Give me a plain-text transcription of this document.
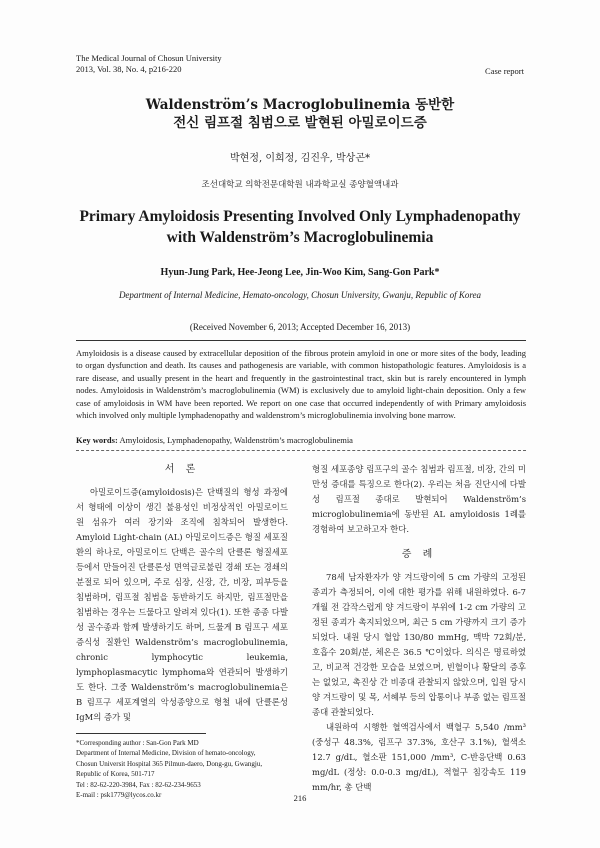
The Medical Journal of Chosun University
2013, Vol. 38, No. 4, p216-220	Case report
Waldenström’s Macroglobulinemia 동반한
전신 림프절 침범으로 발현된 아밀로이드증
박현정, 이희정, 김진우, 박상곤*
조선대학교 의학전문대학원 내과학교실 종양혈액내과
Primary Amyloidosis Presenting Involved Only Lymphadenopathy
with Waldenström’s Macroglobulinemia
Hyun-Jung Park, Hee-Jeong Lee, Jin-Woo Kim, Sang-Gon Park*
Department of Internal Medicine, Hemato-oncology, Chosun University, Gwanju, Republic of Korea
(Received November 6, 2013; Accepted December 16, 2013)
Amyloidosis is a disease caused by extracellular deposition of the fibrous protein amyloid in one or more sites of the body, leading to organ dysfunction and death. Its causes and pathogenesis are variable, with common histopathologic features. Amyloidosis is a rare disease, and usually present in the heart and frequently in the gastrointestinal tract, skin but is rarely encountered in lymph nodes. Amyloidosis in Waldenström’s macroglobulinemia (WM) is exclusively due to amyloid light-chain deposition. Only a few case of amyloidosis in WM have been reported. We report on one case that occurred independently of with Primary amyloidosis which involved only multiple lymphadenopathy and waldenstrom’s microglobulinemia involving bone marrow.
Key words: Amyloidosis, Lymphadenopathy, Waldenström’s macroglobulinemia
서 론

아밀로이드증(amyloidosis)은 단백질의 형성 과정에서 형태에 이상이 생긴 불용성인 비정상적인 아밀로이드 원 섬유가 여러 장기와 조직에 침착되어 발생한다. Amyloid Light-chain (AL) 아밀로이드증은 형질 세포질환의 하나로, 아밀로이드 단백은 골수의 단클론 형질세포 등에서 만들어진 단클론성 면역글로불린 경쇄 또는 경쇄의 분절로 되어 있으며, 주로 심장, 신장, 간, 비장, 피부등을 침범하며, 림프절 침범을 동반하기도 하지만, 림프절만을 침범하는 경우는 드물다고 알려져 있다(1). 또한 종종 다발성 골수종과 함께 발생하기도 하며, 드물게 B 림프구 세포 증식성 질환인 Waldenström’s macroglobulinemia, chronic lymphocytic leukemia, lymphoplasmacytic lymphoma와 연관되어 발생하기도 한다. 그중 Waldenström’s macroglobulinemia은 B 림프구 세포계열의 악성종양으로 형철 내에 단클론성 IgM의 증가 및

형질 세포종양 림프구의 골수 침범과 림프절, 비장, 간의 미만성 증대를 특징으로 한다(2). 우리는 처음 진단시에 다발성 림프절 종대로 발현되어 Waldenström’s microglobulinemia에 동반된 AL amyloidosis 1례를 경험하여 보고하고자 한다.

증 례

78세 남자환자가 양 겨드랑이에 5 cm 가량의 고정된 종괴가 측정되어, 이에 대한 평가를 위해 내원하였다. 6-7개월 전 감작스럽게 양 겨드랑이 부위에 1-2 cm 가량의 고정된 종괴가 촉지되었으며, 최근 5 cm 가량까지 크기 증가되었다. 내원 당시 혈압 130/80 mmHg, 맥박 72회/분, 호흡수 20회/분, 체온은 36.5 ℃이었다. 의식은 명료하였고, 비교적 건강한 모습을 보였으며, 빈혈이나 황달의 증후는 없었고, 촉진상 간 비종대 관찰되지 않았으며, 입원 당시 양 겨드랑이 및 목, 서혜부 등의 압통이나 부종 없는 림프절 종대 관찰되었다.

내원하여 시행한 혈액검사에서 백혈구 5,540 /mm³ (중성구 48.3%, 림프구 37.3%, 호산구 3.1%), 혈색소 12.7 g/dL, 혈소판 151,000 /mm³, C-반응단백 0.63 mg/dL (정상: 0.0-0.3 mg/dL), 적혈구 침강속도 119 mm/hr, 총 단백

*Corresponding author : San-Gon Park MD
Department of Internal Medicine, Division of hemato-oncology,
Chosun Universit Hospital 365 Pilmun-daero, Dong-gu, Gwangju,
Republic of Korea, 501-717
Tel : 82-62-220-3984, Fax : 82-62-234-9653
E-mail : psk1779@lycos.co.kr	216
